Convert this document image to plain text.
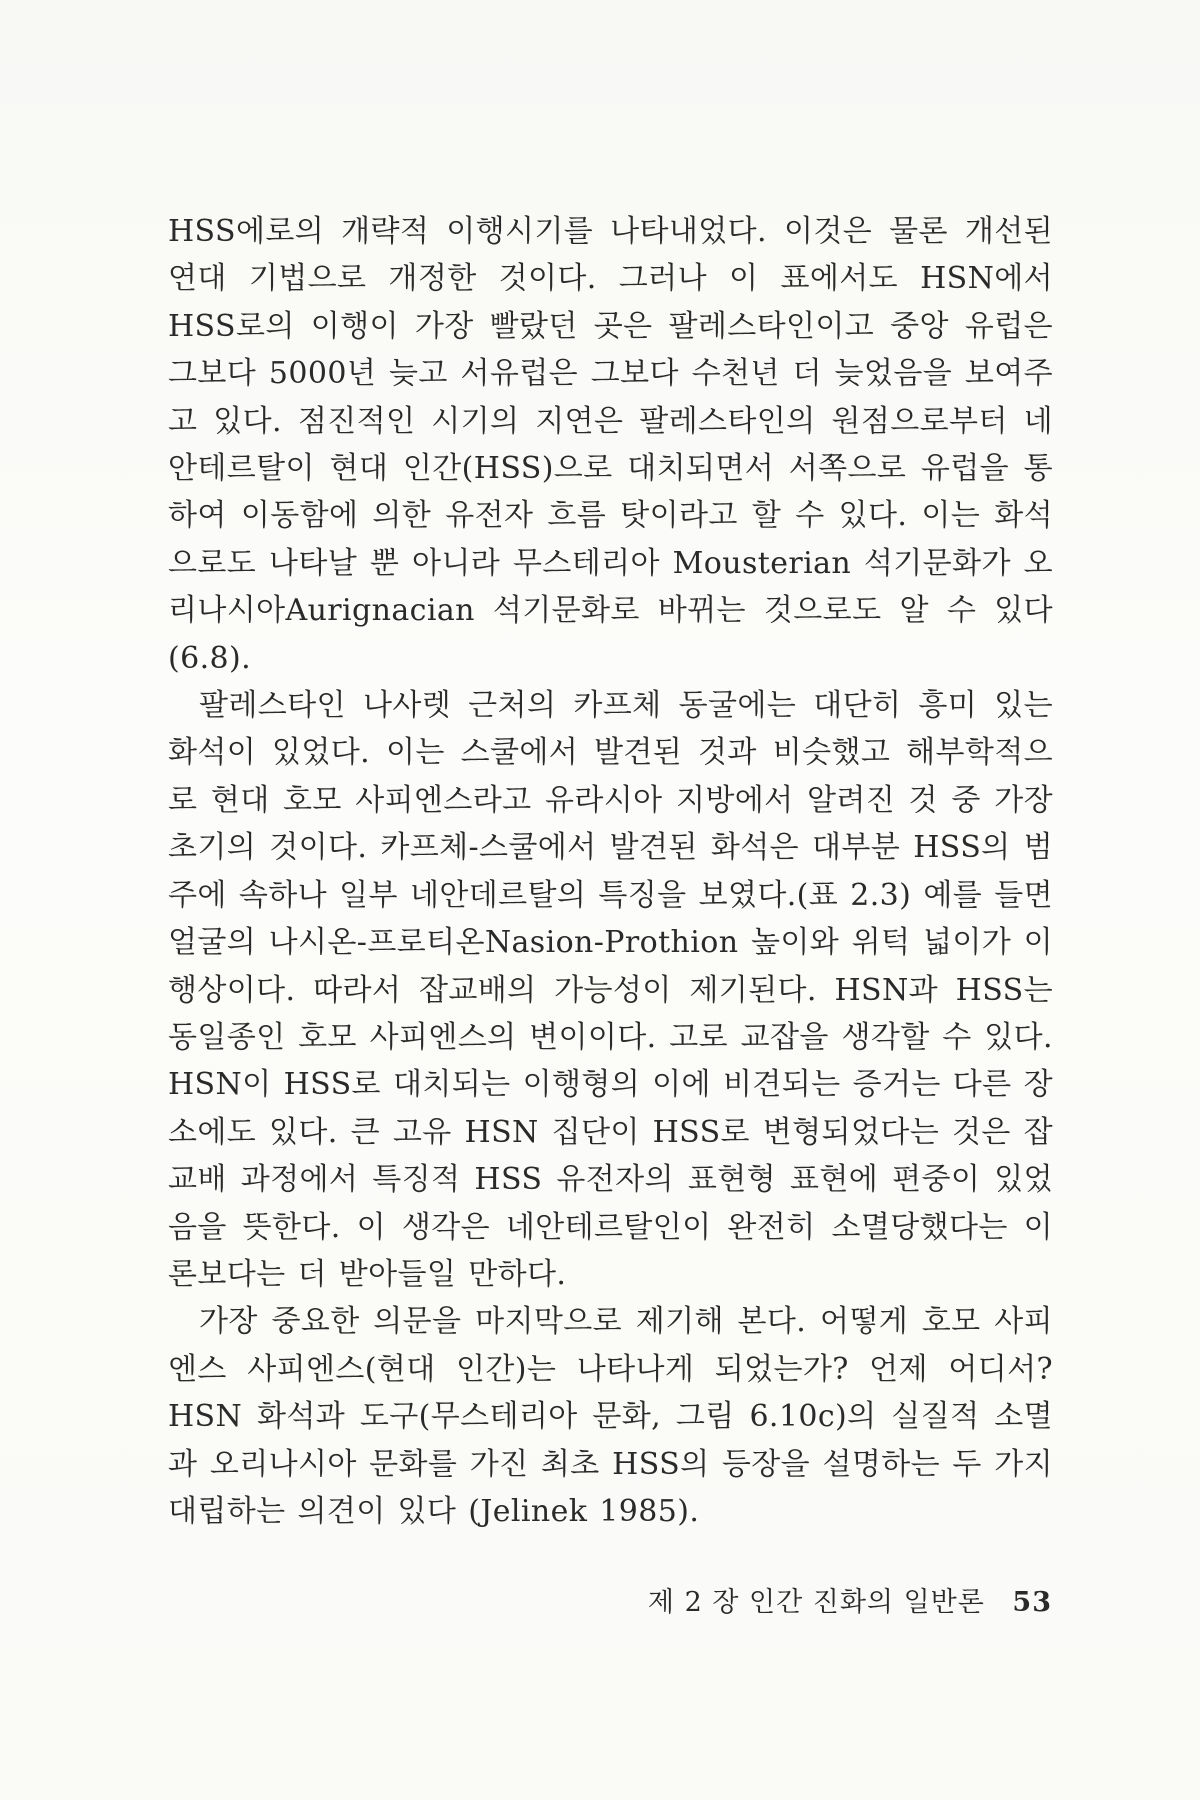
HSS에로의 개략적 이행시기를 나타내었다. 이것은 물론 개선된 연대 기법으로 개정한 것이다. 그러나 이 표에서도 HSN에서 HSS로의 이행이 가장 빨랐던 곳은 팔레스타인이고 중앙 유럽은 그보다 5000년 늦고 서유럽은 그보다 수천년 더 늦었음을 보여주고 있다. 점진적인 시기의 지연은 팔레스타인의 원점으로부터 네안테르탈이 현대 인간(HSS)으로 대치되면서 서쪽으로 유럽을 통하여 이동함에 의한 유전자 흐름 탓이라고 할 수 있다. 이는 화석으로도 나타날 뿐 아니라 무스테리아 Mousterian 석기문화가 오리나시아Aurignacian 석기문화로 바뀌는 것으로도 알 수 있다(6.8).

팔레스타인 나사렛 근처의 카프체 동굴에는 대단히 흥미 있는 화석이 있었다. 이는 스쿨에서 발견된 것과 비슷했고 해부학적으로 현대 호모 사피엔스라고 유라시아 지방에서 알려진 것 중 가장 초기의 것이다. 카프체-스쿨에서 발견된 화석은 대부분 HSS의 범주에 속하나 일부 네안데르탈의 특징을 보였다.(표 2.3) 예를 들면 얼굴의 나시온-프로티온Nasion-Prothion 높이와 위턱 넓이가 이행상이다. 따라서 잡교배의 가능성이 제기된다. HSN과 HSS는 동일종인 호모 사피엔스의 변이이다. 고로 교잡을 생각할 수 있다. HSN이 HSS로 대치되는 이행형의 이에 비견되는 증거는 다른 장소에도 있다. 큰 고유 HSN 집단이 HSS로 변형되었다는 것은 잡교배 과정에서 특징적 HSS 유전자의 표현형 표현에 편중이 있었음을 뜻한다. 이 생각은 네안테르탈인이 완전히 소멸당했다는 이론보다는 더 받아들일 만하다.

가장 중요한 의문을 마지막으로 제기해 본다. 어떻게 호모 사피엔스 사피엔스(현대 인간)는 나타나게 되었는가? 언제 어디서? HSN 화석과 도구(무스테리아 문화, 그림 6.10c)의 실질적 소멸과 오리나시아 문화를 가진 최초 HSS의 등장을 설명하는 두 가지 대립하는 의견이 있다 (Jelinek 1985).

제 2 장 인간 진화의 일반론 53
